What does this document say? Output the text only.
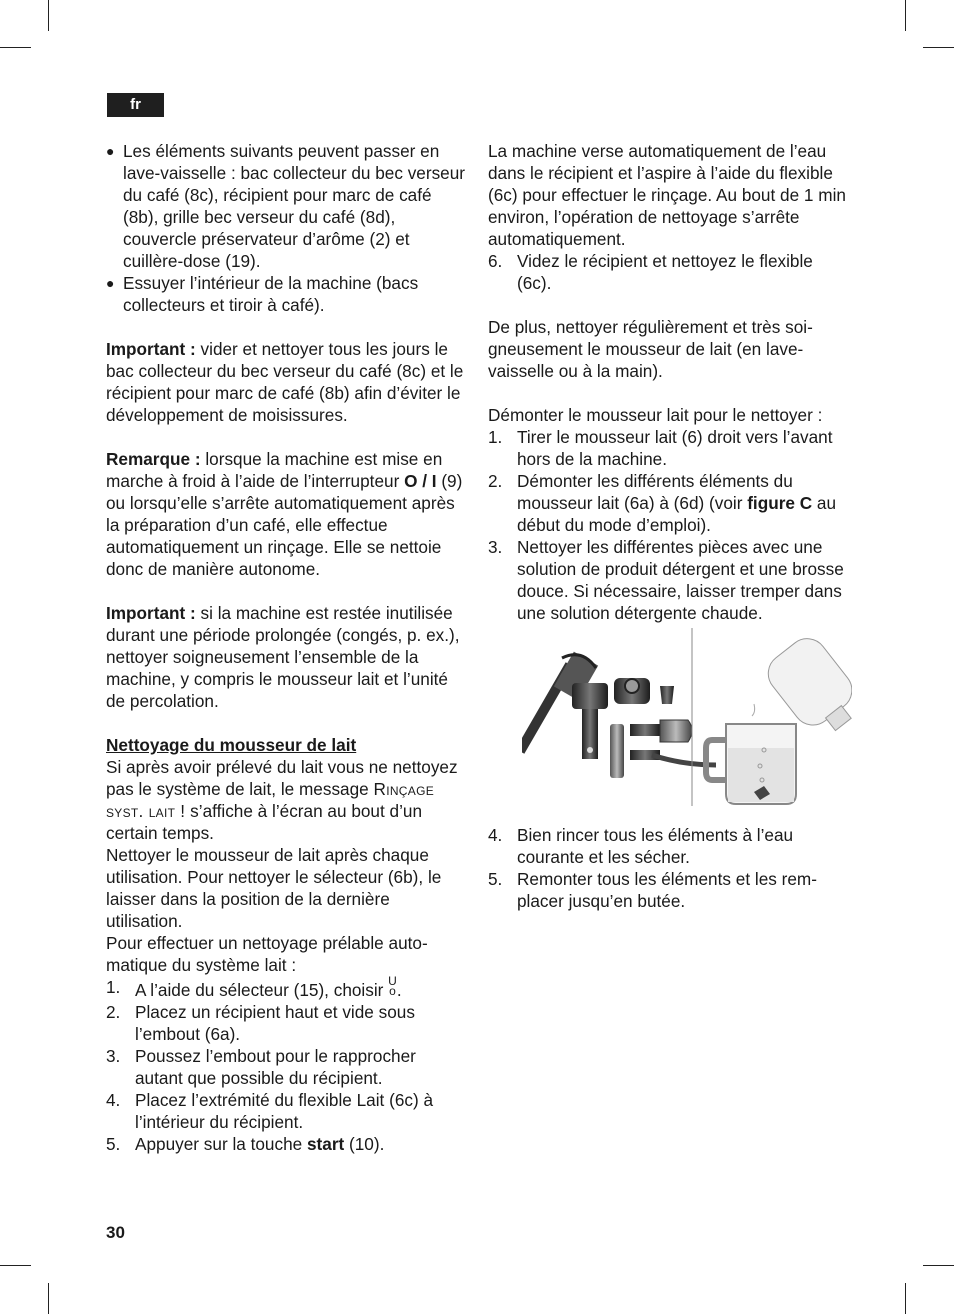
fr
● Les éléments suivants peuvent passer en lave-vaisselle : bac collecteur du bec verseur du café (8c), récipient pour marc de café (8b), grille bec verseur du café (8d), couvercle préservateur d’arôme (2) et cuillère-dose (19).
● Essuyer l’intérieur de la machine (bacs collecteurs et tiroir à café).

Important : vider et nettoyer tous les jours le bac collecteur du bec verseur du café (8c) et le récipient pour marc de café (8b) afin d’éviter le développement de moisissures.

Remarque : lorsque la machine est mise en marche à froid à l’aide de l’interrupteur O / I (9) ou lorsqu’elle s’arrête automatiquement après la préparation d’un café, elle effectue automatiquement un rinçage. Elle se nettoie donc de manière autonome.

Important : si la machine est restée inutilisée durant une période prolongée (congés, p. ex.), nettoyer soigneusement l’ensemble de la machine, y compris le mousseur lait et l’unité de percolation.

Nettoyage du mousseur de lait

Si après avoir prélevé du lait vous ne nettoyez pas le système de lait, le message Rinçage syst. lait ! s’affiche à l’écran au bout d’un certain temps.

Nettoyer le mousseur de lait après chaque utilisation. Pour nettoyer le sélecteur (6b), le laisser dans la position de la dernière utilisation.

Pour effectuer un nettoyage prélable automatique du système lait :

1. A l’aide du sélecteur (15), choisir U
o.
2. Placez un récipient haut et vide sous l’embout (6a).
3. Poussez l’embout pour le rapprocher autant que possible du récipient.
4. Placez l’extrémité du flexible Lait (6c) à l’intérieur du récipient.
5. Appuyer sur la touche start (10).

La machine verse automatiquement de l’eau dans le récipient et l’aspire à l’aide du flexible (6c) pour effectuer le rinçage. Au bout de 1 min environ, l’opération de nettoyage s’arrête automatiquement.

6. Videz le récipient et nettoyez le flexible (6c).

De plus, nettoyer régulièrement et très soigneusement le mousseur de lait (en lave-vaisselle ou à la main).

Démonter le mousseur lait pour le nettoyer :

1. Tirer le mousseur lait (6) droit vers l’avant hors de la machine.
2. Démonter les différents éléments du mousseur lait (6a) à (6d) (voir figure C au début du mode d’emploi).
3. Nettoyer les différentes pièces avec une solution de produit détergent et une brosse douce. Si nécessaire, laisser tremper dans une solution détergente chaude.
4. Bien rincer tous les éléments à l’eau courante et les sécher.
5. Remonter tous les éléments et les remplacer jusqu’en butée.
30
